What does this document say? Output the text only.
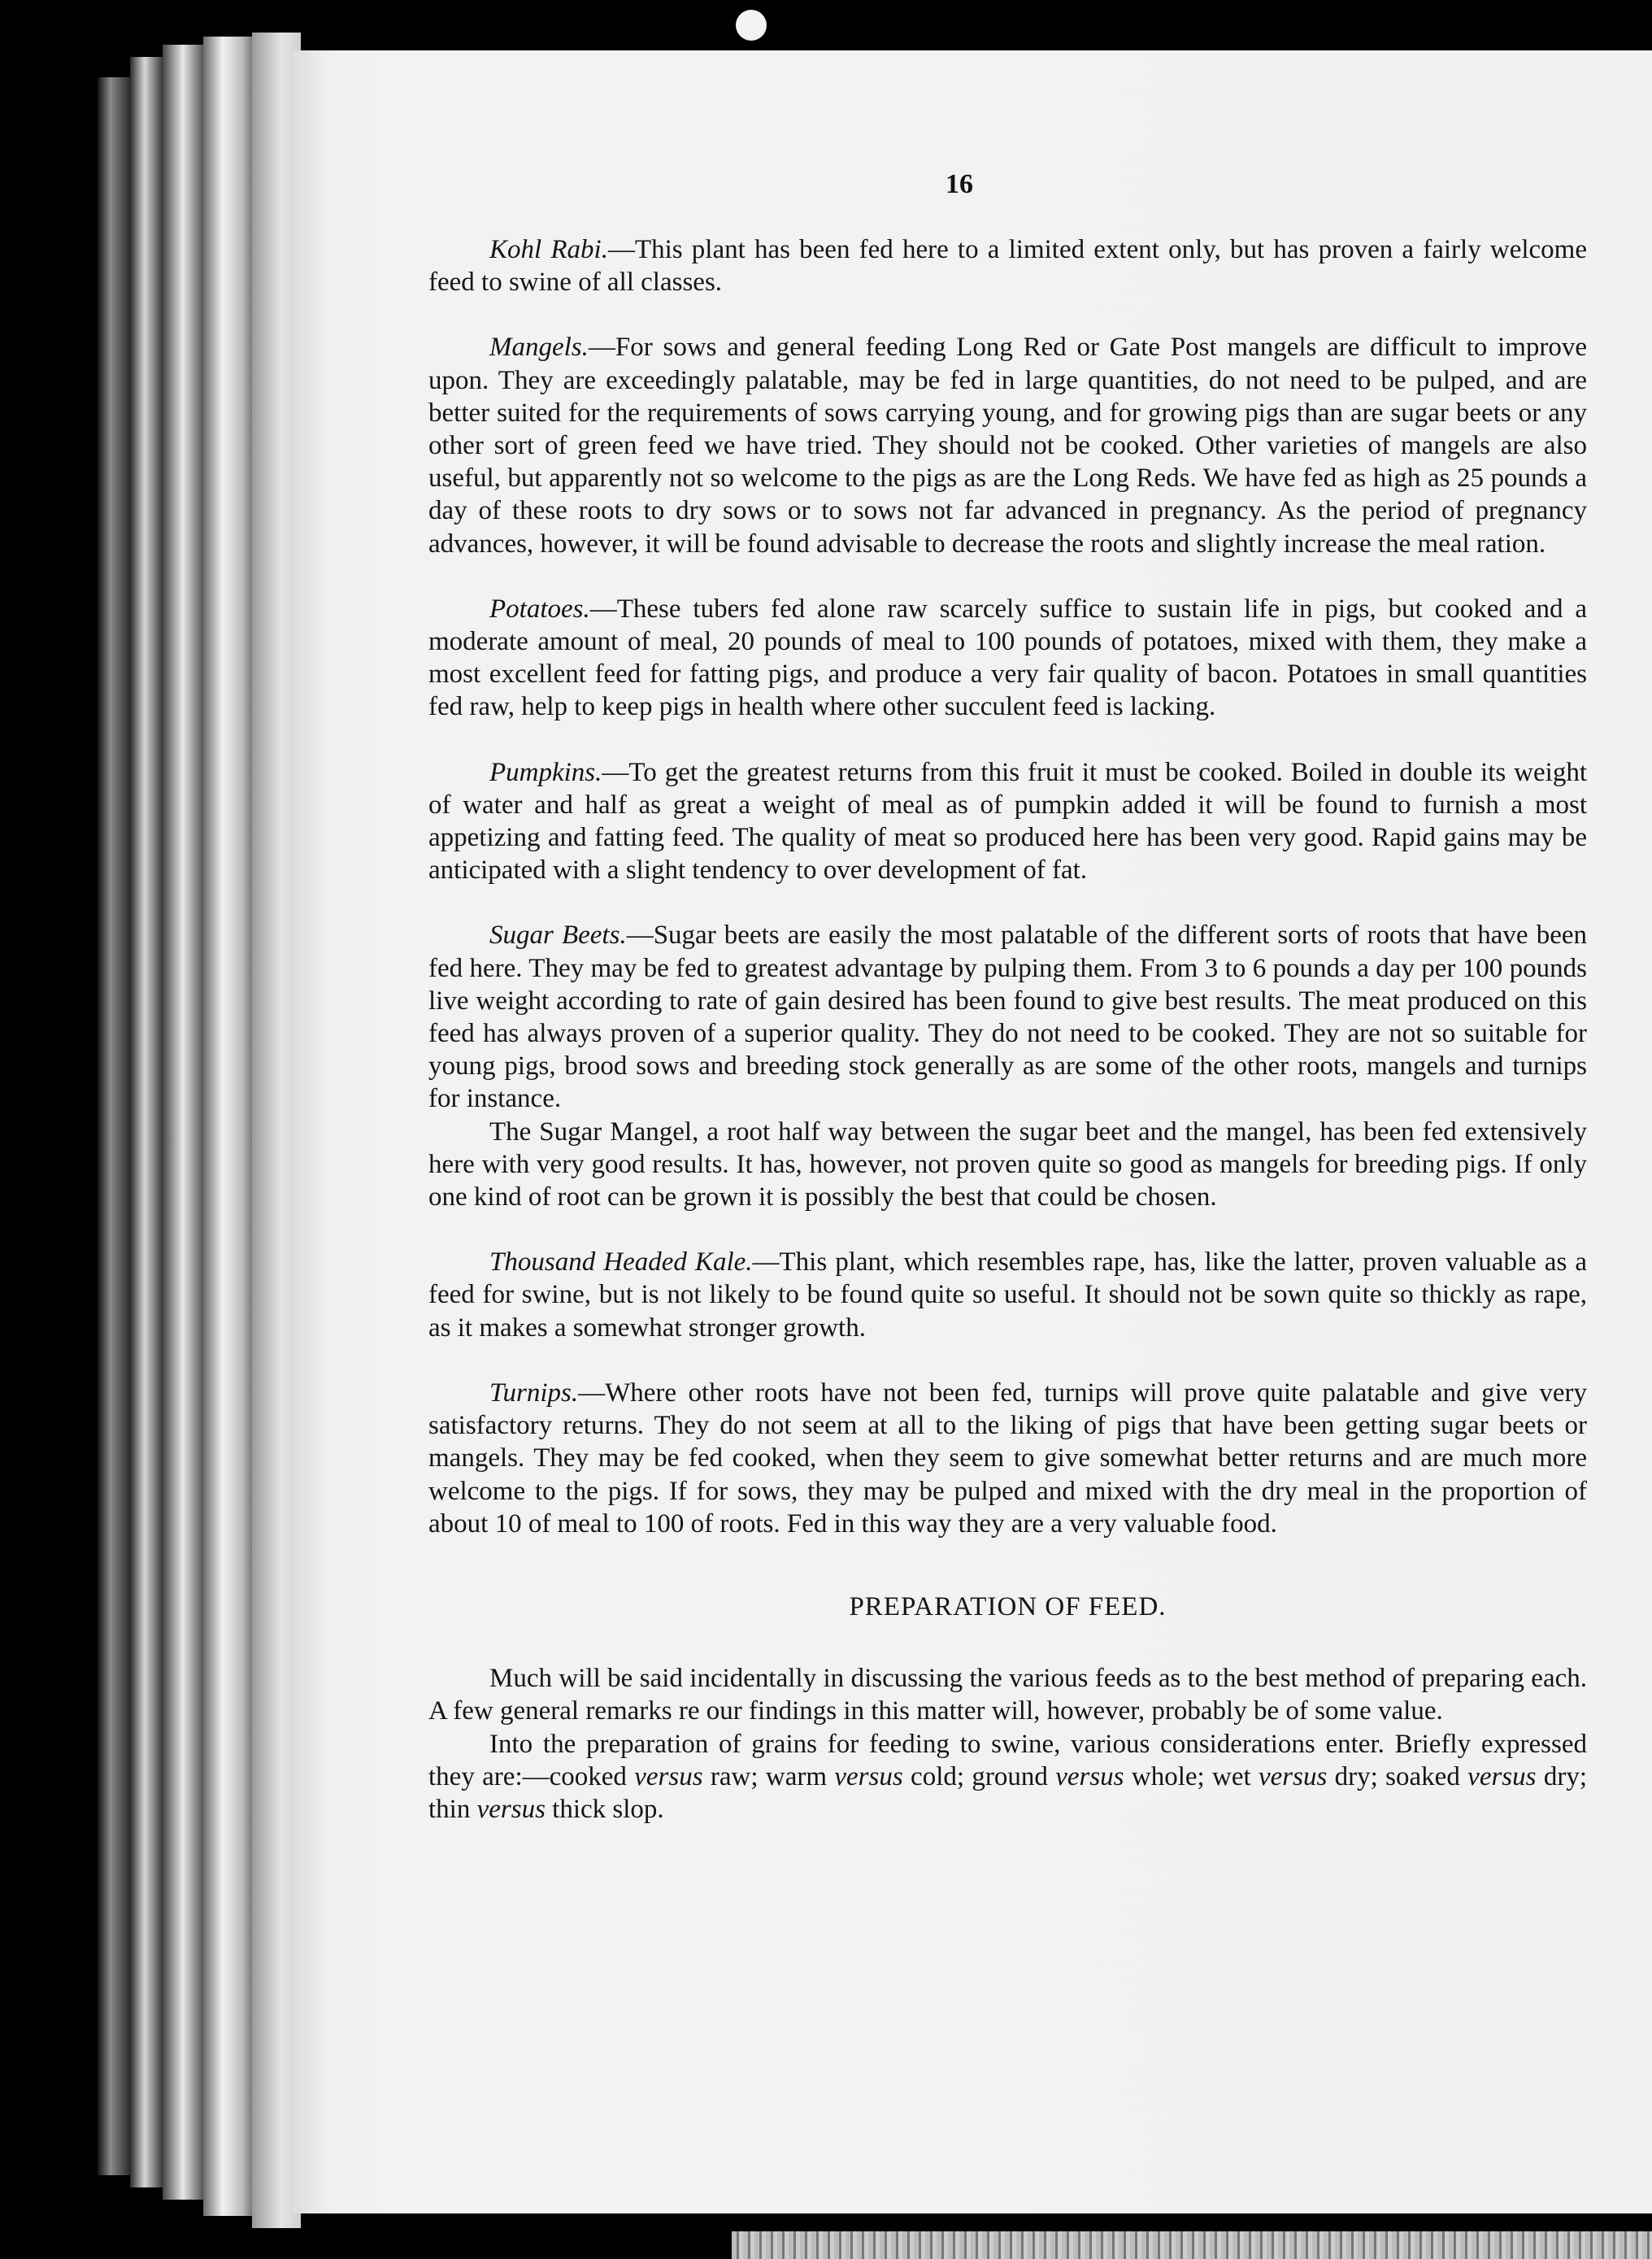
16

Kohl Rabi.—This plant has been fed here to a limited extent only, but has proven a fairly welcome feed to swine of all classes.

Mangels.—For sows and general feeding Long Red or Gate Post mangels are difficult to improve upon. They are exceedingly palatable, may be fed in large quantities, do not need to be pulped, and are better suited for the requirements of sows carrying young, and for growing pigs than are sugar beets or any other sort of green feed we have tried. They should not be cooked. Other varieties of mangels are also useful, but apparently not so welcome to the pigs as are the Long Reds. We have fed as high as 25 pounds a day of these roots to dry sows or to sows not far advanced in pregnancy. As the period of pregnancy advances, however, it will be found advisable to decrease the roots and slightly increase the meal ration.

Potatoes.—These tubers fed alone raw scarcely suffice to sustain life in pigs, but cooked and a moderate amount of meal, 20 pounds of meal to 100 pounds of potatoes, mixed with them, they make a most excellent feed for fatting pigs, and produce a very fair quality of bacon. Potatoes in small quantities fed raw, help to keep pigs in health where other succulent feed is lacking.

Pumpkins.—To get the greatest returns from this fruit it must be cooked. Boiled in double its weight of water and half as great a weight of meal as of pumpkin added it will be found to furnish a most appetizing and fatting feed. The quality of meat so produced here has been very good. Rapid gains may be anticipated with a slight tendency to over development of fat.

Sugar Beets.—Sugar beets are easily the most palatable of the different sorts of roots that have been fed here. They may be fed to greatest advantage by pulping them. From 3 to 6 pounds a day per 100 pounds live weight according to rate of gain desired has been found to give best results. The meat produced on this feed has always proven of a superior quality. They do not need to be cooked. They are not so suitable for young pigs, brood sows and breeding stock generally as are some of the other roots, mangels and turnips for instance.

The Sugar Mangel, a root half way between the sugar beet and the mangel, has been fed extensively here with very good results. It has, however, not proven quite so good as mangels for breeding pigs. If only one kind of root can be grown it is possibly the best that could be chosen.

Thousand Headed Kale.—This plant, which resembles rape, has, like the latter, proven valuable as a feed for swine, but is not likely to be found quite so useful. It should not be sown quite so thickly as rape, as it makes a somewhat stronger growth.

Turnips.—Where other roots have not been fed, turnips will prove quite palatable and give very satisfactory returns. They do not seem at all to the liking of pigs that have been getting sugar beets or mangels. They may be fed cooked, when they seem to give somewhat better returns and are much more welcome to the pigs. If for sows, they may be pulped and mixed with the dry meal in the proportion of about 10 of meal to 100 of roots. Fed in this way they are a very valuable food.

PREPARATION OF FEED.

Much will be said incidentally in discussing the various feeds as to the best method of preparing each. A few general remarks re our findings in this matter will, however, probably be of some value.

Into the preparation of grains for feeding to swine, various considerations enter. Briefly expressed they are:—cooked versus raw; warm versus cold; ground versus whole; wet versus dry; soaked versus dry; thin versus thick slop.
